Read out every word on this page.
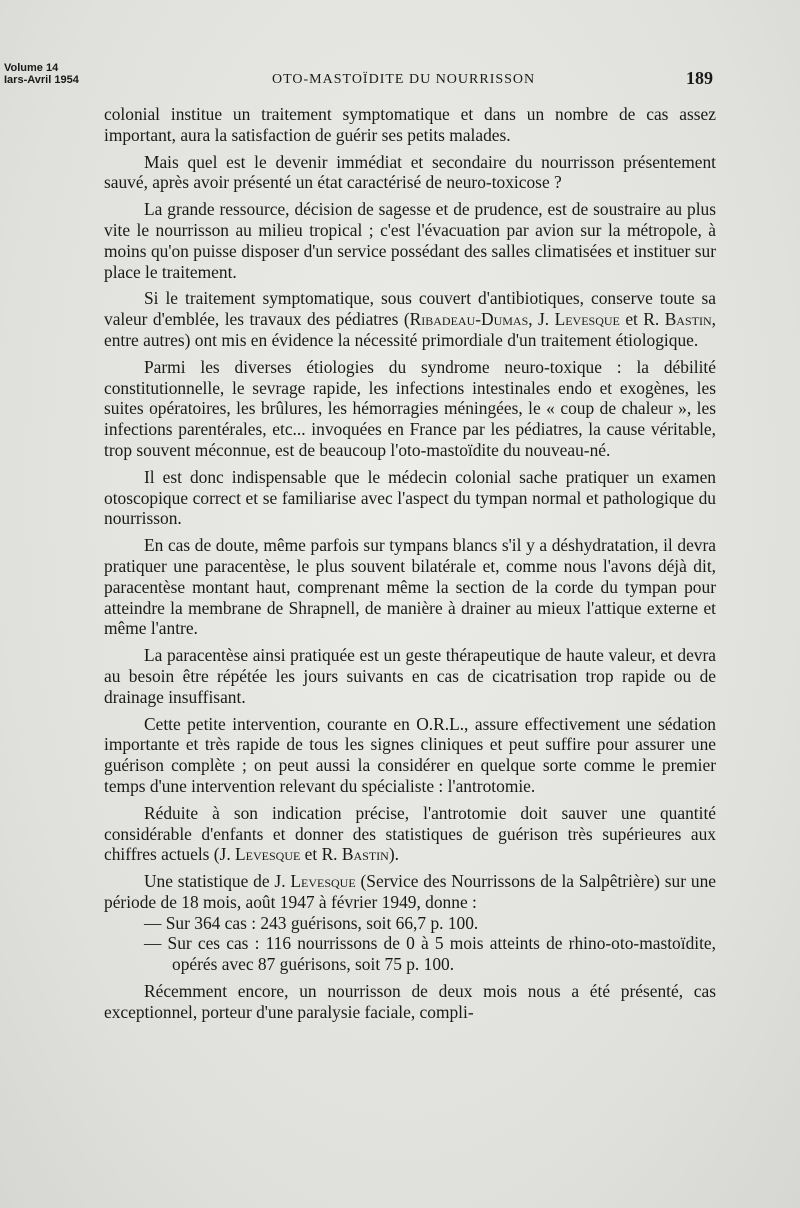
Volume 14
Iars-Avril 1954	OTO-MASTOÏDITE DU NOURRISSON	189

colonial institue un traitement symptomatique et dans un nombre de cas assez important, aura la satisfaction de guérir ses petits malades.

Mais quel est le devenir immédiat et secondaire du nourrisson présentement sauvé, après avoir présenté un état caractérisé de neuro-toxicose ?

La grande ressource, décision de sagesse et de prudence, est de soustraire au plus vite le nourrisson au milieu tropical ; c'est l'évacuation par avion sur la métropole, à moins qu'on puisse disposer d'un service possédant des salles climatisées et instituer sur place le traitement.

Si le traitement symptomatique, sous couvert d'antibiotiques, conserve toute sa valeur d'emblée, les travaux des pédiatres (Ribadeau-Dumas, J. Levesque et R. Bastin, entre autres) ont mis en évidence la nécessité primordiale d'un traitement étiologique.

Parmi les diverses étiologies du syndrome neuro-toxique : la débilité constitutionnelle, le sevrage rapide, les infections intestinales endo et exogènes, les suites opératoires, les brûlures, les hémorragies méningées, le « coup de chaleur », les infections parentérales, etc... invoquées en France par les pédiatres, la cause véritable, trop souvent méconnue, est de beaucoup l'oto-mastoïdite du nouveau-né.

Il est donc indispensable que le médecin colonial sache pratiquer un examen otoscopique correct et se familiarise avec l'aspect du tympan normal et pathologique du nourrisson.

En cas de doute, même parfois sur tympans blancs s'il y a déshydratation, il devra pratiquer une paracentèse, le plus souvent bilatérale et, comme nous l'avons déjà dit, paracentèse montant haut, comprenant même la section de la corde du tympan pour atteindre la membrane de Shrapnell, de manière à drainer au mieux l'attique externe et même l'antre.

La paracentèse ainsi pratiquée est un geste thérapeutique de haute valeur, et devra au besoin être répétée les jours suivants en cas de cicatrisation trop rapide ou de drainage insuffisant.

Cette petite intervention, courante en O.R.L., assure effectivement une sédation importante et très rapide de tous les signes cliniques et peut suffire pour assurer une guérison complète ; on peut aussi la considérer en quelque sorte comme le premier temps d'une intervention relevant du spécialiste : l'antrotomie.

Réduite à son indication précise, l'antrotomie doit sauver une quantité considérable d'enfants et donner des statistiques de guérison très supérieures aux chiffres actuels (J. Levesque et R. Bastin).

Une statistique de J. Levesque (Service des Nourrissons de la Salpêtrière) sur une période de 18 mois, août 1947 à février 1949, donne :

— Sur 364 cas : 243 guérisons, soit 66,7 p. 100.

— Sur ces cas : 116 nourrissons de 0 à 5 mois atteints de rhino-oto-mastoïdite, opérés avec 87 guérisons, soit 75 p. 100.

Récemment encore, un nourrisson de deux mois nous a été présenté, cas exceptionnel, porteur d'une paralysie faciale, compli-
